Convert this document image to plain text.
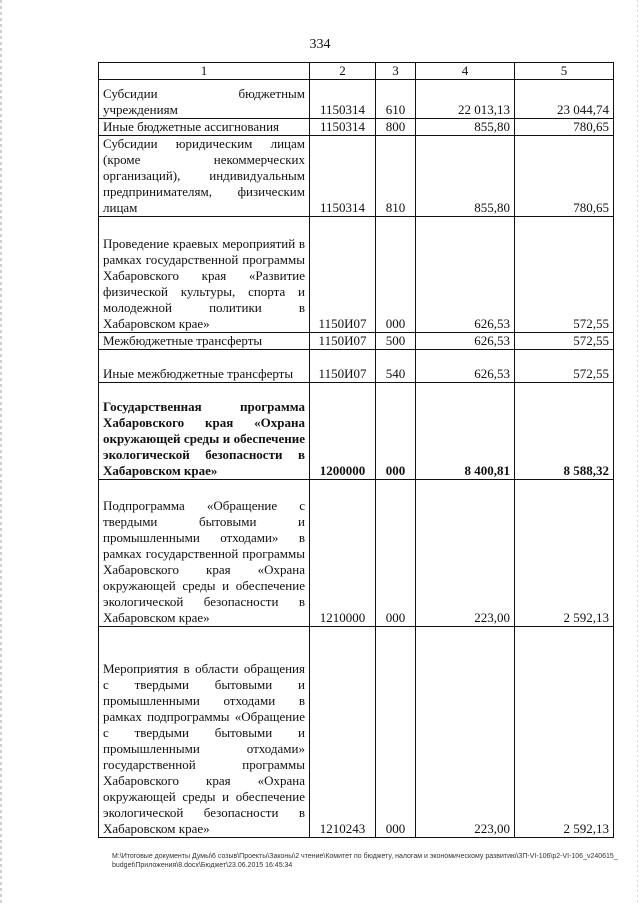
334
1	2	3	4	5
Субсидии бюджетным учреждениям	1150314	610	22 013,13	23 044,74
Иные бюджетные ассигнования	1150314	800	855,80	780,65
Субсидии юридическим лицам (кроме некоммерческих организаций), индивидуальным предпринимателям, физическим лицам	1150314	810	855,80	780,65
Проведение краевых мероприятий в рамках государственной программы Хабаровского края «Развитие физической культуры, спорта и молодежной политики в Хабаровском крае»	1150И07	000	626,53	572,55
Межбюджетные трансферты	1150И07	500	626,53	572,55
Иные межбюджетные трансферты	1150И07	540	626,53	572,55
Государственная программа Хабаровского края «Охрана окружающей среды и обеспечение экологической безопасности в Хабаровском крае»	1200000	000	8 400,81	8 588,32
Подпрограмма «Обращение с твердыми бытовыми и промышленными отходами» в рамках государственной программы Хабаровского края «Охрана окружающей среды и обеспечение экологической безопасности в Хабаровском крае»	1210000	000	223,00	2 592,13
Мероприятия в области обращения с твердыми бытовыми и промышленными отходами в рамках подпрограммы «Обращение с твердыми бытовыми и промышленными отходами» государственной программы Хабаровского края «Охрана окружающей среды и обеспечение экологической безопасности в Хабаровском крае»	1210243	000	223,00	2 592,13
M:\Итоговые документы Думы\6 созыв\Проекты\Законы\2 чтение\Комитет по бюджету, налогам и экономическому развитию\ЗП-VI-106\р2-VI-106_v240615_budget\Приложения\8.docx\Бюджет\23.06.2015 16:45:34
